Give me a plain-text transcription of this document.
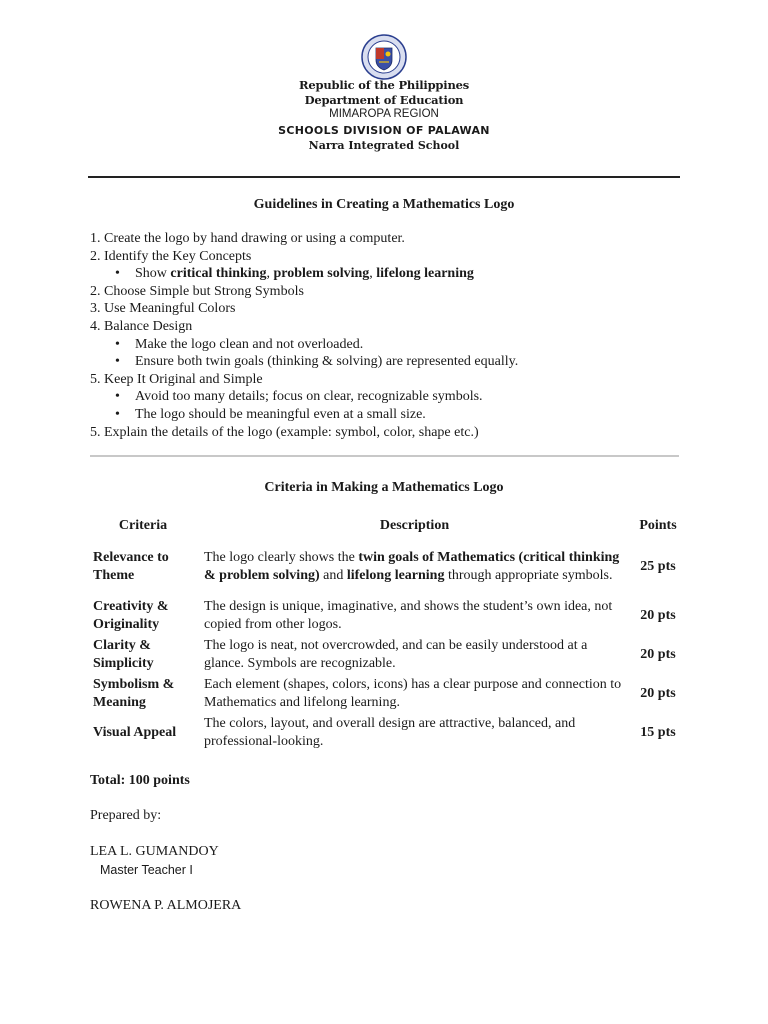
Republic of the Philippines
Department of Education
MIMAROPA REGION
SCHOOLS DIVISION OF PALAWAN
Narra Integrated School
Guidelines in Creating a Mathematics Logo
1. Create the logo by hand drawing or using a computer.
2. Identify the Key Concepts
• Show critical thinking, problem solving, lifelong learning
2. Choose Simple but Strong Symbols
3. Use Meaningful Colors
4. Balance Design
• Make the logo clean and not overloaded.
• Ensure both twin goals (thinking & solving) are represented equally.
5. Keep It Original and Simple
• Avoid too many details; focus on clear, recognizable symbols.
• The logo should be meaningful even at a small size.
5. Explain the details of the logo (example: symbol, color, shape etc.)
Criteria in Making a Mathematics Logo
Criteria	Description	Points
Relevance to
Theme	The logo clearly shows the twin goals of Mathematics (critical thinking & problem solving) and lifelong learning through appropriate symbols.	25 pts
Creativity &
Originality	The design is unique, imaginative, and shows the student’s own idea, not copied from other logos.	20 pts
Clarity &
Simplicity	The logo is neat, not overcrowded, and can be easily understood at a glance. Symbols are recognizable.	20 pts
Symbolism &
Meaning	Each element (shapes, colors, icons) has a clear purpose and connection to Mathematics and lifelong learning.	20 pts
Visual Appeal	The colors, layout, and overall design are attractive, balanced, and professional-looking.	15 pts
Total: 100 points
Prepared by:
LEA L. GUMANDOY
Master Teacher I
ROWENA P. ALMOJERA
